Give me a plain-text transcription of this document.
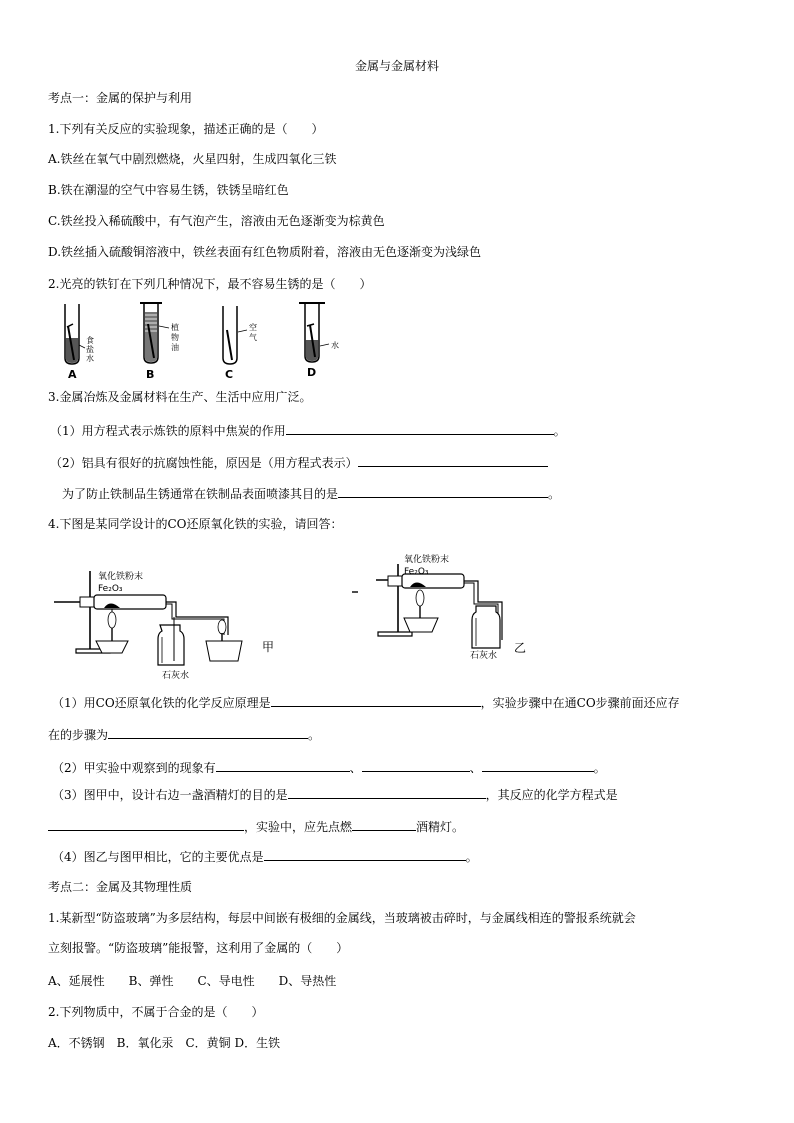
金属与金属材料
考点一：金属的保护与利用
1.下列有关反应的实验现象，描述正确的是（　　）
A.铁丝在氧气中剧烈燃烧，火星四射，生成四氧化三铁
B.铁在潮湿的空气中容易生锈，铁锈呈暗红色
C.铁丝投入稀硫酸中，有气泡产生，溶液由无色逐渐变为棕黄色
D.铁丝插入硫酸铜溶液中，铁丝表面有红色物质附着，溶液由无色逐渐变为浅绿色
2.光亮的铁钉在下列几种情况下，最不容易生锈的是（　　）
食
盐
水
A
植
物
油
B
空
气
C
水
D
3.金属冶炼及金属材料在生产、生活中应用广泛。
（1）用方程式表示炼铁的原料中焦炭的作用	。
（2）铝具有很好的抗腐蚀性能，原因是（用方程式表示）
为了防止铁制品生锈通常在铁制品表面喷漆其目的是	。
4.下图是某同学设计的CO还原氧化铁的实验，请回答：
氧化铁粉末
Fe₂O₃
石灰水
甲
氧化铁粉末
Fe₂O₃
石灰水
乙
（1）用CO还原氧化铁的化学反应原理是	，实验步骤中在通CO步骤前面还应存
在的步骤为	。
（2）甲实验中观察到的现象有	、	、	。
（3）图甲中，设计右边一盏酒精灯的目的是	，其反应的化学方程式是
，实验中，应先点燃	酒精灯。
（4）图乙与图甲相比，它的主要优点是	。
考点二：金属及其物理性质
1.某新型“防盗玻璃”为多层结构，每层中间嵌有极细的金属线，当玻璃被击碎时，与金属线相连的警报系统就会
立刻报警。“防盗玻璃”能报警，这利用了金属的（　　）
A、延展性　　B、弹性　　C、导电性　　D、导热性
2.下列物质中，不属于合金的是（　　）
A．不锈钢　B．氧化汞　C．黄铜 D．生铁
